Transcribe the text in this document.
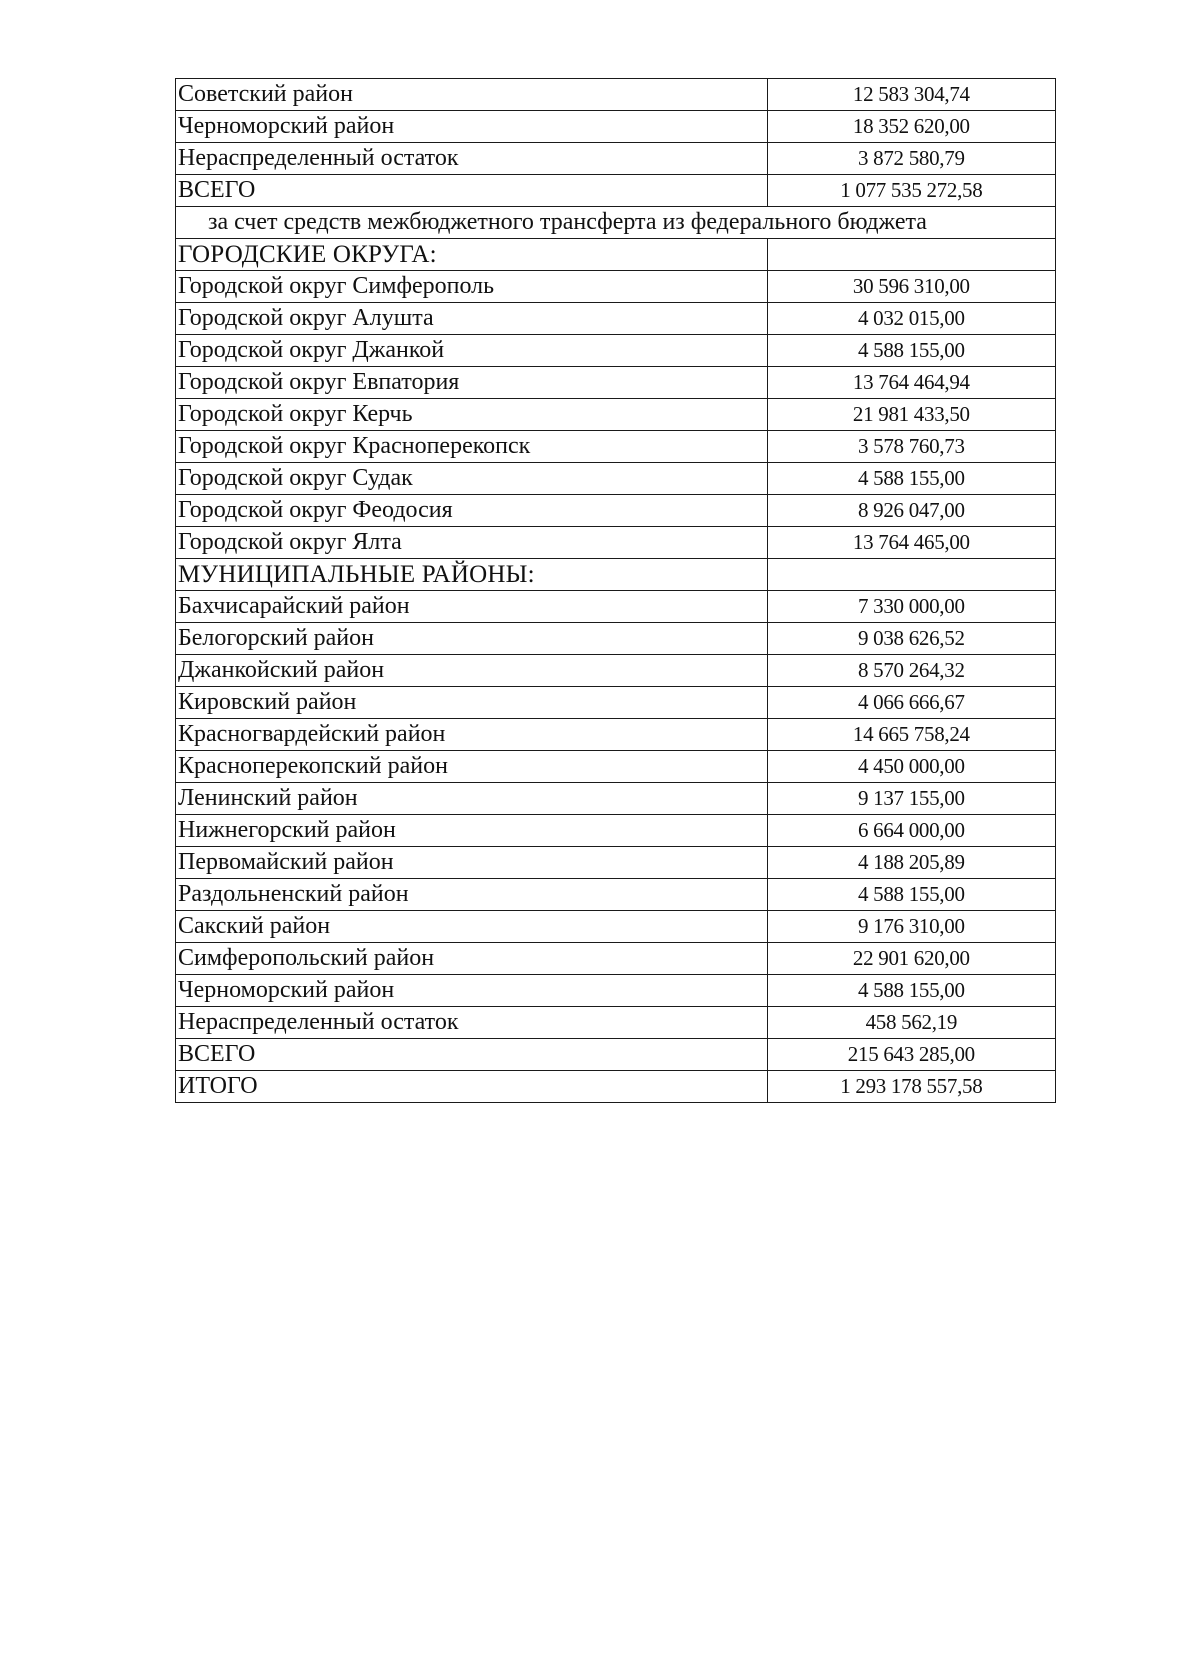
Советский район	12 583 304,74
Черноморский район	18 352 620,00
Нераспределенный остаток	3 872 580,79
ВСЕГО	1 077 535 272,58
за счет средств межбюджетного трансферта из федерального бюджета	
ГОРОДСКИЕ ОКРУГА:	
Городской округ Симферополь	30 596 310,00
Городской округ Алушта	4 032 015,00
Городской округ Джанкой	4 588 155,00
Городской округ Евпатория	13 764 464,94
Городской округ Керчь	21 981 433,50
Городской округ Красноперекопск	3 578 760,73
Городской округ Судак	4 588 155,00
Городской округ Феодосия	8 926 047,00
Городской округ Ялта	13 764 465,00
МУНИЦИПАЛЬНЫЕ РАЙОНЫ:	
Бахчисарайский район	7 330 000,00
Белогорский район	9 038 626,52
Джанкойский район	8 570 264,32
Кировский район	4 066 666,67
Красногвардейский район	14 665 758,24
Красноперекопский район	4 450 000,00
Ленинский район	9 137 155,00
Нижнегорский район	6 664 000,00
Первомайский район	4 188 205,89
Раздольненский район	4 588 155,00
Сакский район	9 176 310,00
Симферопольский район	22 901 620,00
Черноморский район	4 588 155,00
Нераспределенный остаток	458 562,19
ВСЕГО	215 643 285,00
ИТОГО	1 293 178 557,58
